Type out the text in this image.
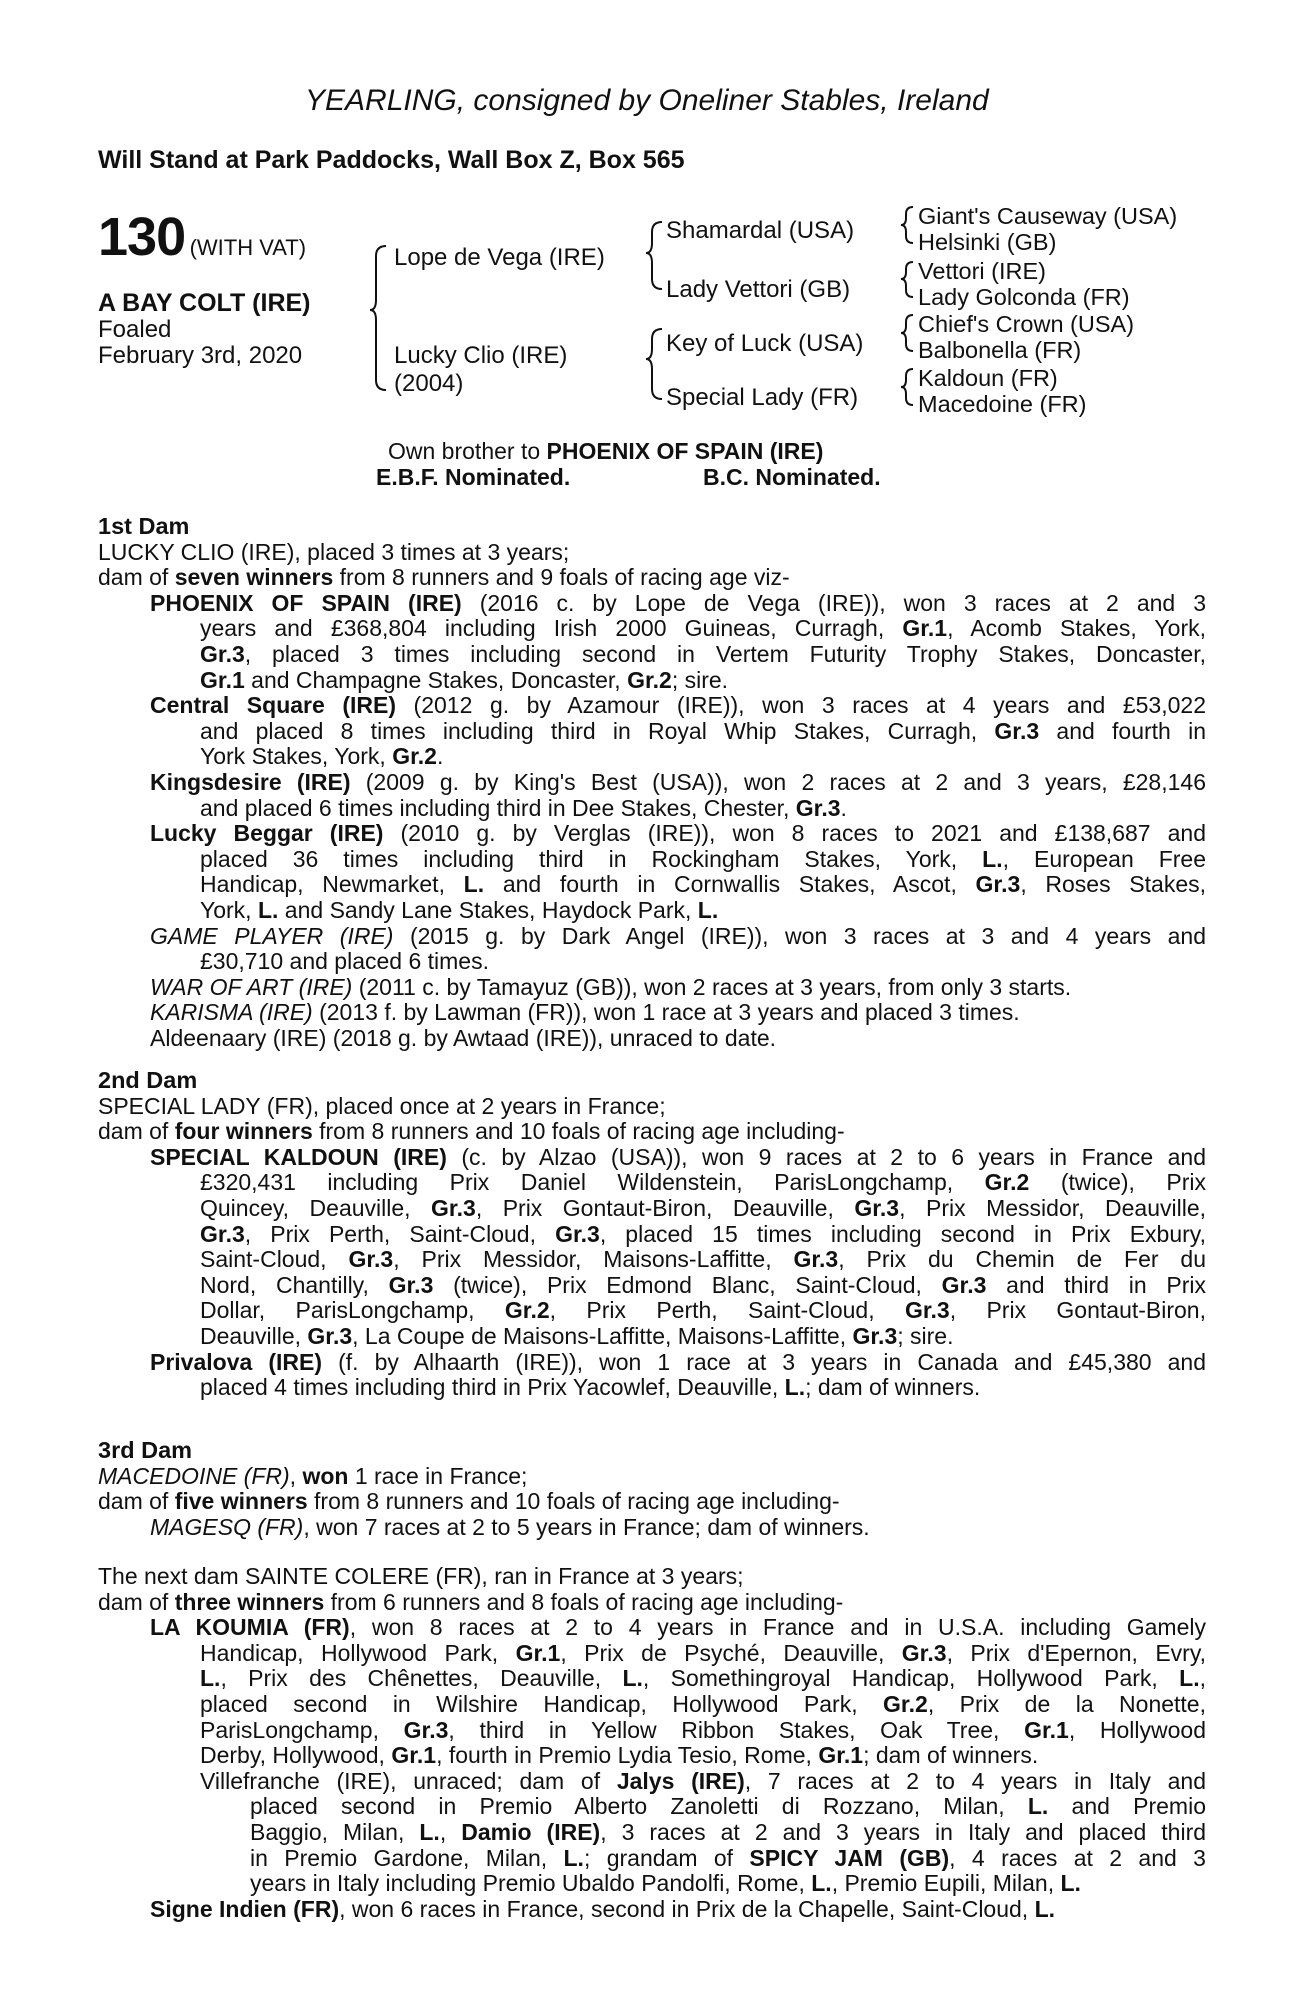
YEARLING, consigned by Oneliner Stables, Ireland
Will Stand at Park Paddocks, Wall Box Z, Box 565
130 (WITH VAT)
A BAY COLT (IRE)
Foaled
February 3rd, 2020
Lope de Vega (IRE)
Lucky Clio (IRE)
(2004)
Shamardal (USA)
Lady Vettori (GB)
Key of Luck (USA)
Special Lady (FR)
Giant's Causeway (USA)
Helsinki (GB)
Vettori (IRE)
Lady Golconda (FR)
Chief's Crown (USA)
Balbonella (FR)
Kaldoun (FR)
Macedoine (FR)
Own brother to PHOENIX OF SPAIN (IRE)
E.B.F. Nominated.	B.C. Nominated.

1st Dam

LUCKY CLIO (IRE), placed 3 times at 3 years;

dam of seven winners from 8 runners and 9 foals of racing age viz-

PHOENIX OF SPAIN (IRE) (2016 c. by Lope de Vega (IRE)), won 3 races at 2 and 3
years and £368,804 including Irish 2000 Guineas, Curragh, Gr.1, Acomb Stakes, York,
Gr.3, placed 3 times including second in Vertem Futurity Trophy Stakes, Doncaster,
Gr.1 and Champagne Stakes, Doncaster, Gr.2; sire.
Central Square (IRE) (2012 g. by Azamour (IRE)), won 3 races at 4 years and £53,022
and placed 8 times including third in Royal Whip Stakes, Curragh, Gr.3 and fourth in
York Stakes, York, Gr.2.
Kingsdesire (IRE) (2009 g. by King's Best (USA)), won 2 races at 2 and 3 years, £28,146
and placed 6 times including third in Dee Stakes, Chester, Gr.3.
Lucky Beggar (IRE) (2010 g. by Verglas (IRE)), won 8 races to 2021 and £138,687 and
placed 36 times including third in Rockingham Stakes, York, L., European Free
Handicap, Newmarket, L. and fourth in Cornwallis Stakes, Ascot, Gr.3, Roses Stakes,
York, L. and Sandy Lane Stakes, Haydock Park, L.
GAME PLAYER (IRE) (2015 g. by Dark Angel (IRE)), won 3 races at 3 and 4 years and
£30,710 and placed 6 times.
WAR OF ART (IRE) (2011 c. by Tamayuz (GB)), won 2 races at 3 years, from only 3 starts.
KARISMA (IRE) (2013 f. by Lawman (FR)), won 1 race at 3 years and placed 3 times.
Aldeenaary (IRE) (2018 g. by Awtaad (IRE)), unraced to date.

2nd Dam

SPECIAL LADY (FR), placed once at 2 years in France;

dam of four winners from 8 runners and 10 foals of racing age including-

SPECIAL KALDOUN (IRE) (c. by Alzao (USA)), won 9 races at 2 to 6 years in France and
£320,431 including Prix Daniel Wildenstein, ParisLongchamp, Gr.2 (twice), Prix
Quincey, Deauville, Gr.3, Prix Gontaut-Biron, Deauville, Gr.3, Prix Messidor, Deauville,
Gr.3, Prix Perth, Saint-Cloud, Gr.3, placed 15 times including second in Prix Exbury,
Saint-Cloud, Gr.3, Prix Messidor, Maisons-Laffitte, Gr.3, Prix du Chemin de Fer du
Nord, Chantilly, Gr.3 (twice), Prix Edmond Blanc, Saint-Cloud, Gr.3 and third in Prix
Dollar, ParisLongchamp, Gr.2, Prix Perth, Saint-Cloud, Gr.3, Prix Gontaut-Biron,
Deauville, Gr.3, La Coupe de Maisons-Laffitte, Maisons-Laffitte, Gr.3; sire.
Privalova (IRE) (f. by Alhaarth (IRE)), won 1 race at 3 years in Canada and £45,380 and
placed 4 times including third in Prix Yacowlef, Deauville, L.; dam of winners.

3rd Dam

MACEDOINE (FR), won 1 race in France;

dam of five winners from 8 runners and 10 foals of racing age including-

MAGESQ (FR), won 7 races at 2 to 5 years in France; dam of winners.

The next dam SAINTE COLERE (FR), ran in France at 3 years;

dam of three winners from 6 runners and 8 foals of racing age including-

LA KOUMIA (FR), won 8 races at 2 to 4 years in France and in U.S.A. including Gamely
Handicap, Hollywood Park, Gr.1, Prix de Psyché, Deauville, Gr.3, Prix d'Epernon, Evry,
L., Prix des Chênettes, Deauville, L., Somethingroyal Handicap, Hollywood Park, L.,
placed second in Wilshire Handicap, Hollywood Park, Gr.2, Prix de la Nonette,
ParisLongchamp, Gr.3, third in Yellow Ribbon Stakes, Oak Tree, Gr.1, Hollywood
Derby, Hollywood, Gr.1, fourth in Premio Lydia Tesio, Rome, Gr.1; dam of winners.
Villefranche (IRE), unraced; dam of Jalys (IRE), 7 races at 2 to 4 years in Italy and
placed second in Premio Alberto Zanoletti di Rozzano, Milan, L. and Premio
Baggio, Milan, L., Damio (IRE), 3 races at 2 and 3 years in Italy and placed third
in Premio Gardone, Milan, L.; grandam of SPICY JAM (GB), 4 races at 2 and 3
years in Italy including Premio Ubaldo Pandolfi, Rome, L., Premio Eupili, Milan, L.
Signe Indien (FR), won 6 races in France, second in Prix de la Chapelle, Saint-Cloud, L.
